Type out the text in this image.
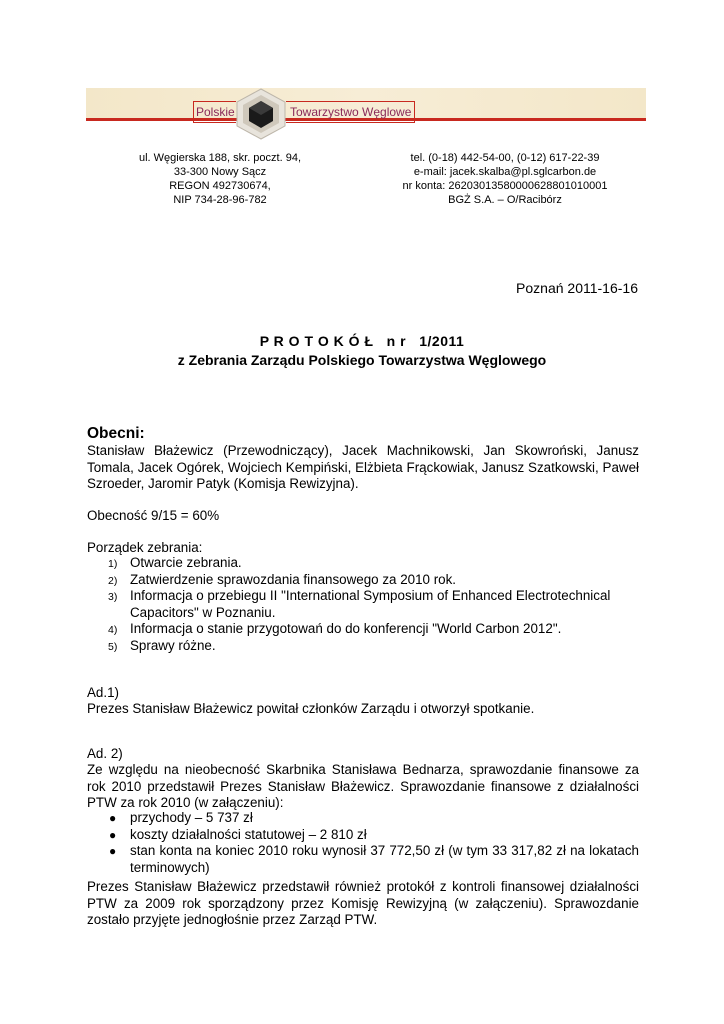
Polskie	Towarzystwo Węglowe
ul. Węgierska 188, skr. poczt. 94,
33-300 Nowy Sącz
REGON 492730674,
NIP 734-28-96-782
tel. (0-18) 442-54-00, (0-12) 617-22-39
e-mail: jacek.skalba@pl.sglcarbon.de
nr konta: 26203013580000628801010001
BGŻ S.A. – O/Racibórz
Poznań 2011-16-16
P R O T O K Ó Ł   n r   1/2011
z Zebrania Zarządu Polskiego Towarzystwa Węglowego
Obecni:
Stanisław Błażewicz (Przewodniczący), Jacek Machnikowski, Jan Skowroński, Janusz Tomala, Jacek Ogórek, Wojciech Kempiński, Elżbieta Frąckowiak, Janusz Szatkowski, Paweł Szroeder, Jaromir Patyk (Komisja Rewizyjna).
Obecność 9/15 = 60%
Porządek zebrania:
1) Otwarcie zebrania.
2) Zatwierdzenie sprawozdania finansowego za 2010 rok.
3) Informacja o przebiegu II "International Symposium of Enhanced Electrotechnical Capacitors" w Poznaniu.
4) Informacja o stanie przygotowań do do konferencji "World Carbon 2012".
5) Sprawy różne.
Ad.1)
Prezes Stanisław Błażewicz powitał członków Zarządu i otworzył spotkanie.
Ad. 2)
Ze względu na nieobecność Skarbnika Stanisława Bednarza, sprawozdanie finansowe za rok 2010 przedstawił Prezes Stanisław Błażewicz. Sprawozdanie finansowe z działalności PTW za rok 2010 (w załączeniu):
● przychody – 5 737 zł
● koszty działalności statutowej – 2 810 zł
● stan konta na koniec 2010 roku wynosił 37 772,50 zł (w tym 33 317,82 zł na lokatach terminowych)
Prezes Stanisław Błażewicz przedstawił również protokół z kontroli finansowej działalności PTW za 2009 rok sporządzony przez Komisję Rewizyjną (w załączeniu). Sprawozdanie zostało przyjęte jednogłośnie przez Zarząd PTW.
